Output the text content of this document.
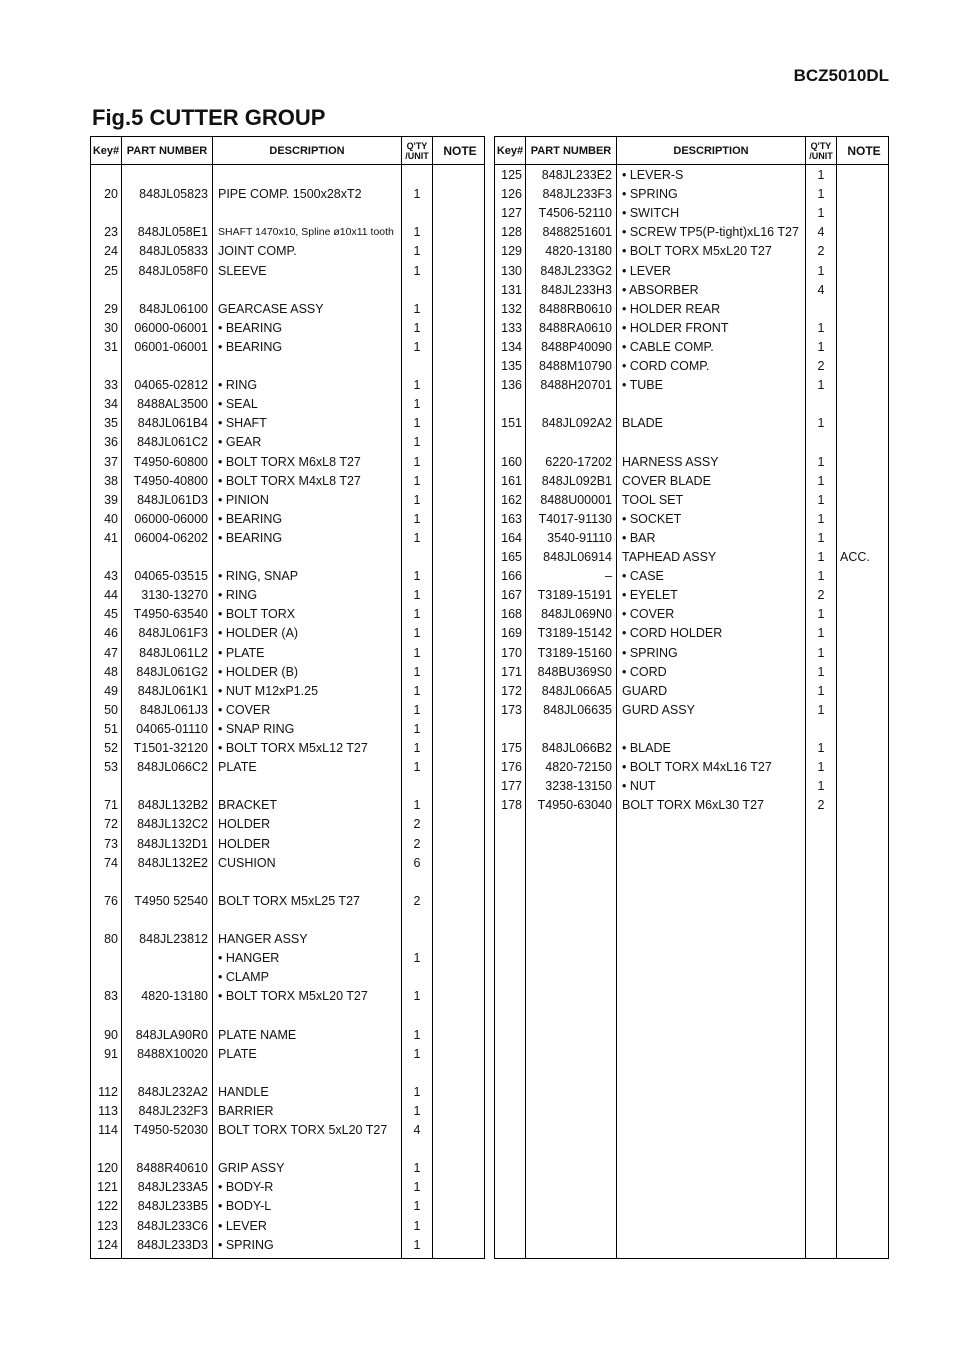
BCZ5010DL
Fig.5 CUTTER GROUP
Key#
20
23
24
25
29
30
31
33
34
35
36
37
38
39
40
41
43
44
45
46
47
48
49
50
51
52
53
71
72
73
74
76
80
83
90
91
112
113
114
120
121
122
123
124
PART NUMBER
848JL05823
848JL058E1
848JL05833
848JL058F0
848JL06100
06000-06001
06001-06001
04065-02812
8488AL3500
848JL061B4
848JL061C2
T4950-60800
T4950-40800
848JL061D3
06000-06000
06004-06202
04065-03515
3130-13270
T4950-63540
848JL061F3
848JL061L2
848JL061G2
848JL061K1
848JL061J3
04065-01110
T1501-32120
848JL066C2
848JL132B2
848JL132C2
848JL132D1
848JL132E2
T4950 52540
848JL23812
4820-13180
848JLA90R0
8488X10020
848JL232A2
848JL232F3
T4950-52030
8488R40610
848JL233A5
848JL233B5
848JL233C6
848JL233D3
DESCRIPTION
PIPE COMP. 1500x28xT2
SHAFT 1470x10, Spline ø10x11 tooth
JOINT COMP.
SLEEVE
GEARCASE ASSY
• BEARING
• BEARING
• RING
• SEAL
• SHAFT
• GEAR
• BOLT TORX M6xL8 T27
• BOLT TORX M4xL8 T27
• PINION
• BEARING
• BEARING
• RING, SNAP
• RING
• BOLT TORX
• HOLDER (A)
• PLATE
• HOLDER (B)
• NUT M12xP1.25
• COVER
• SNAP RING
• BOLT TORX M5xL12 T27
PLATE
BRACKET
HOLDER
HOLDER
CUSHION
BOLT TORX M5xL25 T27
HANGER ASSY
• HANGER
• CLAMP
• BOLT TORX M5xL20 T27
PLATE NAME
PLATE
HANDLE
BARRIER
BOLT TORX TORX 5xL20 T27
GRIP ASSY
• BODY-R
• BODY-L
• LEVER
• SPRING
Q'TY
/UNIT
1
1
1
1
1
1
1
1
1
1
1
1
1
1
1
1
1
1
1
1
1
1
1
1
1
1
1
1
2
2
6
2
1
1
1
1
1
1
4
1
1
1
1
1
NOTE	Key#
125
126
127
128
129
130
131
132
133
134
135
136
151
160
161
162
163
164
165
166
167
168
169
170
171
172
173
175
176
177
178
PART NUMBER
848JL233E2
848JL233F3
T4506-52110
8488251601
4820-13180
848JL233G2
848JL233H3
8488RB0610
8488RA0610
8488P40090
8488M10790
8488H20701
848JL092A2
6220-17202
848JL092B1
8488U00001
T4017-91130
3540-91110
848JL06914
–
T3189-15191
848JL069N0
T3189-15142
T3189-15160
848BU369S0
848JL066A5
848JL06635
848JL066B2
4820-72150
3238-13150
T4950-63040
DESCRIPTION
• LEVER-S
• SPRING
• SWITCH
• SCREW TP5(P-tight)xL16 T27
• BOLT TORX M5xL20 T27
• LEVER
• ABSORBER
• HOLDER REAR
• HOLDER FRONT
• CABLE COMP.
• CORD COMP.
• TUBE
BLADE
HARNESS ASSY
COVER BLADE
TOOL SET
• SOCKET
• BAR
TAPHEAD ASSY
• CASE
• EYELET
• COVER
• CORD HOLDER
• SPRING
• CORD
GUARD
GURD ASSY
• BLADE
• BOLT TORX M4xL16 T27
• NUT
BOLT TORX M6xL30 T27
Q'TY
/UNIT
1
1
1
4
2
1
4
1
1
2
1
1
1
1
1
1
1
1
1
2
1
1
1
1
1
1
1
1
1
2
NOTE
ACC.
